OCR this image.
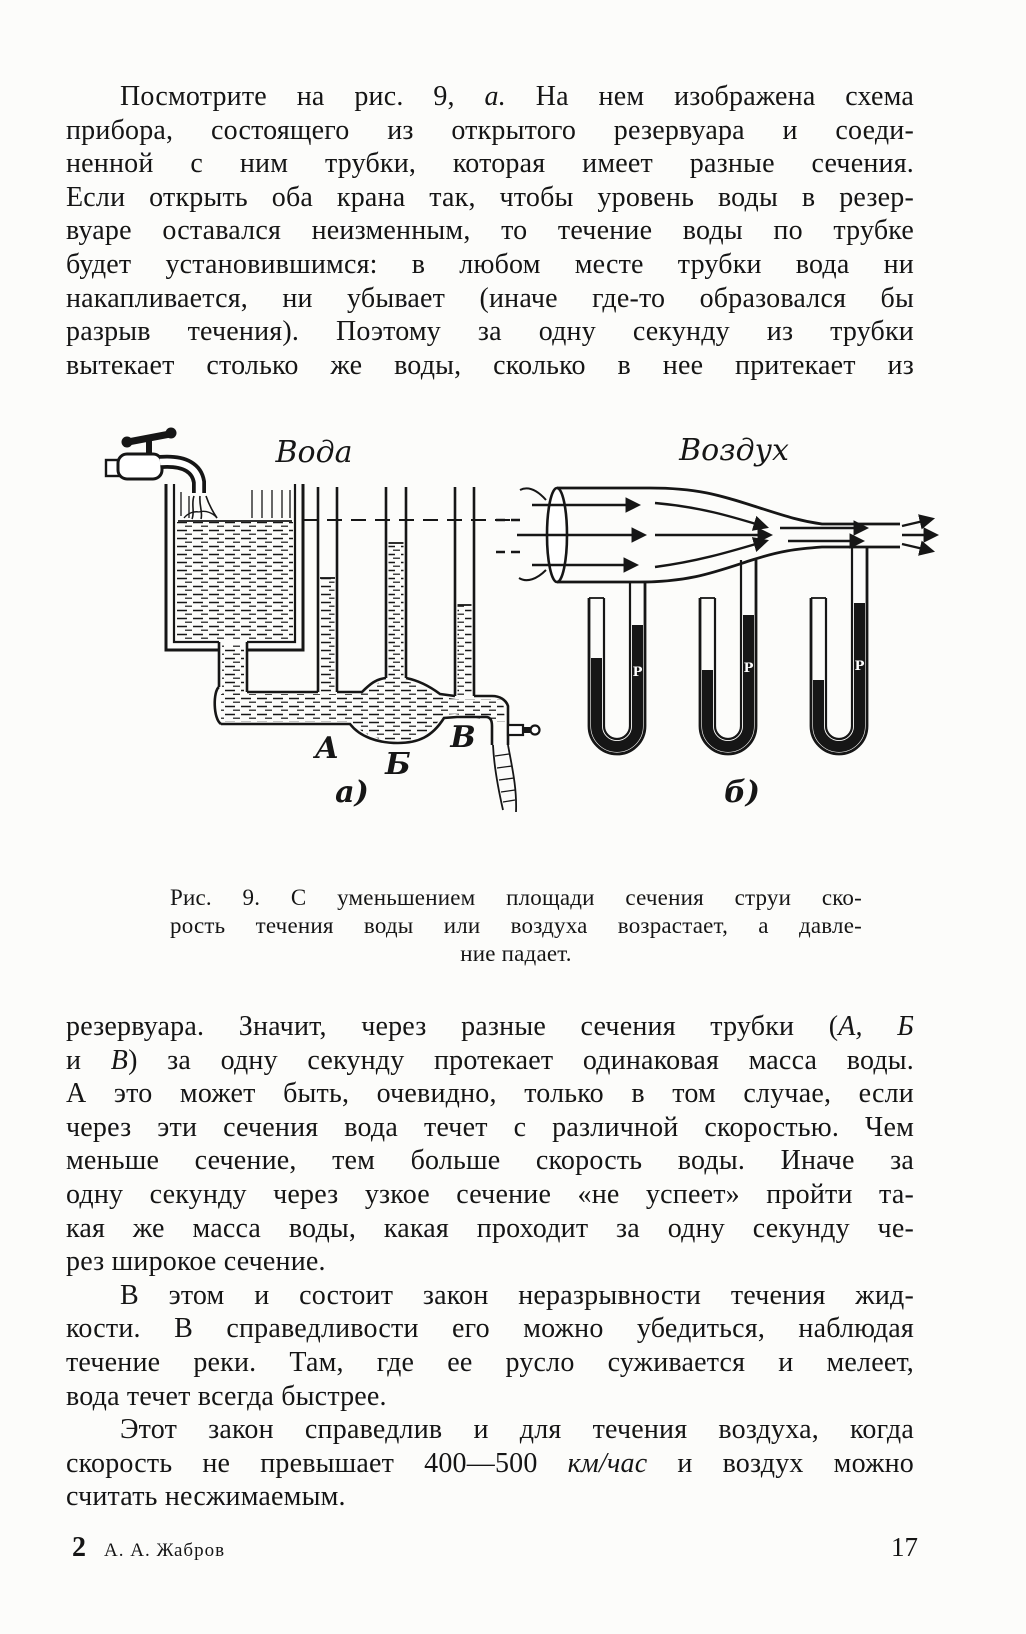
Посмотрите на рис. 9, а. На нем изображена схема
прибора, состоящего из открытого резервуара и соеди-
ненной с ним трубки, которая имеет разные сечения.
Если открыть оба крана так, чтобы уровень воды в резер-
вуаре оставался неизменным, то течение воды по трубке
будет установившимся: в любом месте трубки вода ни
накапливается, ни убывает (иначе где-то образовался бы
разрыв течения). Поэтому за одну секунду из трубки
вытекает столько же воды, сколько в нее притекает из
Вода
А Б
В
а)
Р	Р	Р
Воздух
б)
Рис. 9. С уменьшением площади сечения струи ско-
рость течения воды или воздуха возрастает, а давле-
ние падает.
резервуара. Значит, через разные сечения трубки (А, Б
и В) за одну секунду протекает одинаковая масса воды.
А это может быть, очевидно, только в том случае, если
через эти сечения вода течет с различной скоростью. Чем
меньше сечение, тем больше скорость воды. Иначе за
одну секунду через узкое сечение «не успеет» пройти та-
кая же масса воды, какая проходит за одну секунду че-
рез широкое сечение.
В этом и состоит закон неразрывности течения жид-
кости. В справедливости его можно убедиться, наблюдая
течение реки. Там, где ее русло суживается и мелеет,
вода течет всегда быстрее.
Этот закон справедлив и для течения воздуха, когда
скорость не превышает 400—500 км/час и воздух можно
считать несжимаемым.
2 А. А. Жабров	17
